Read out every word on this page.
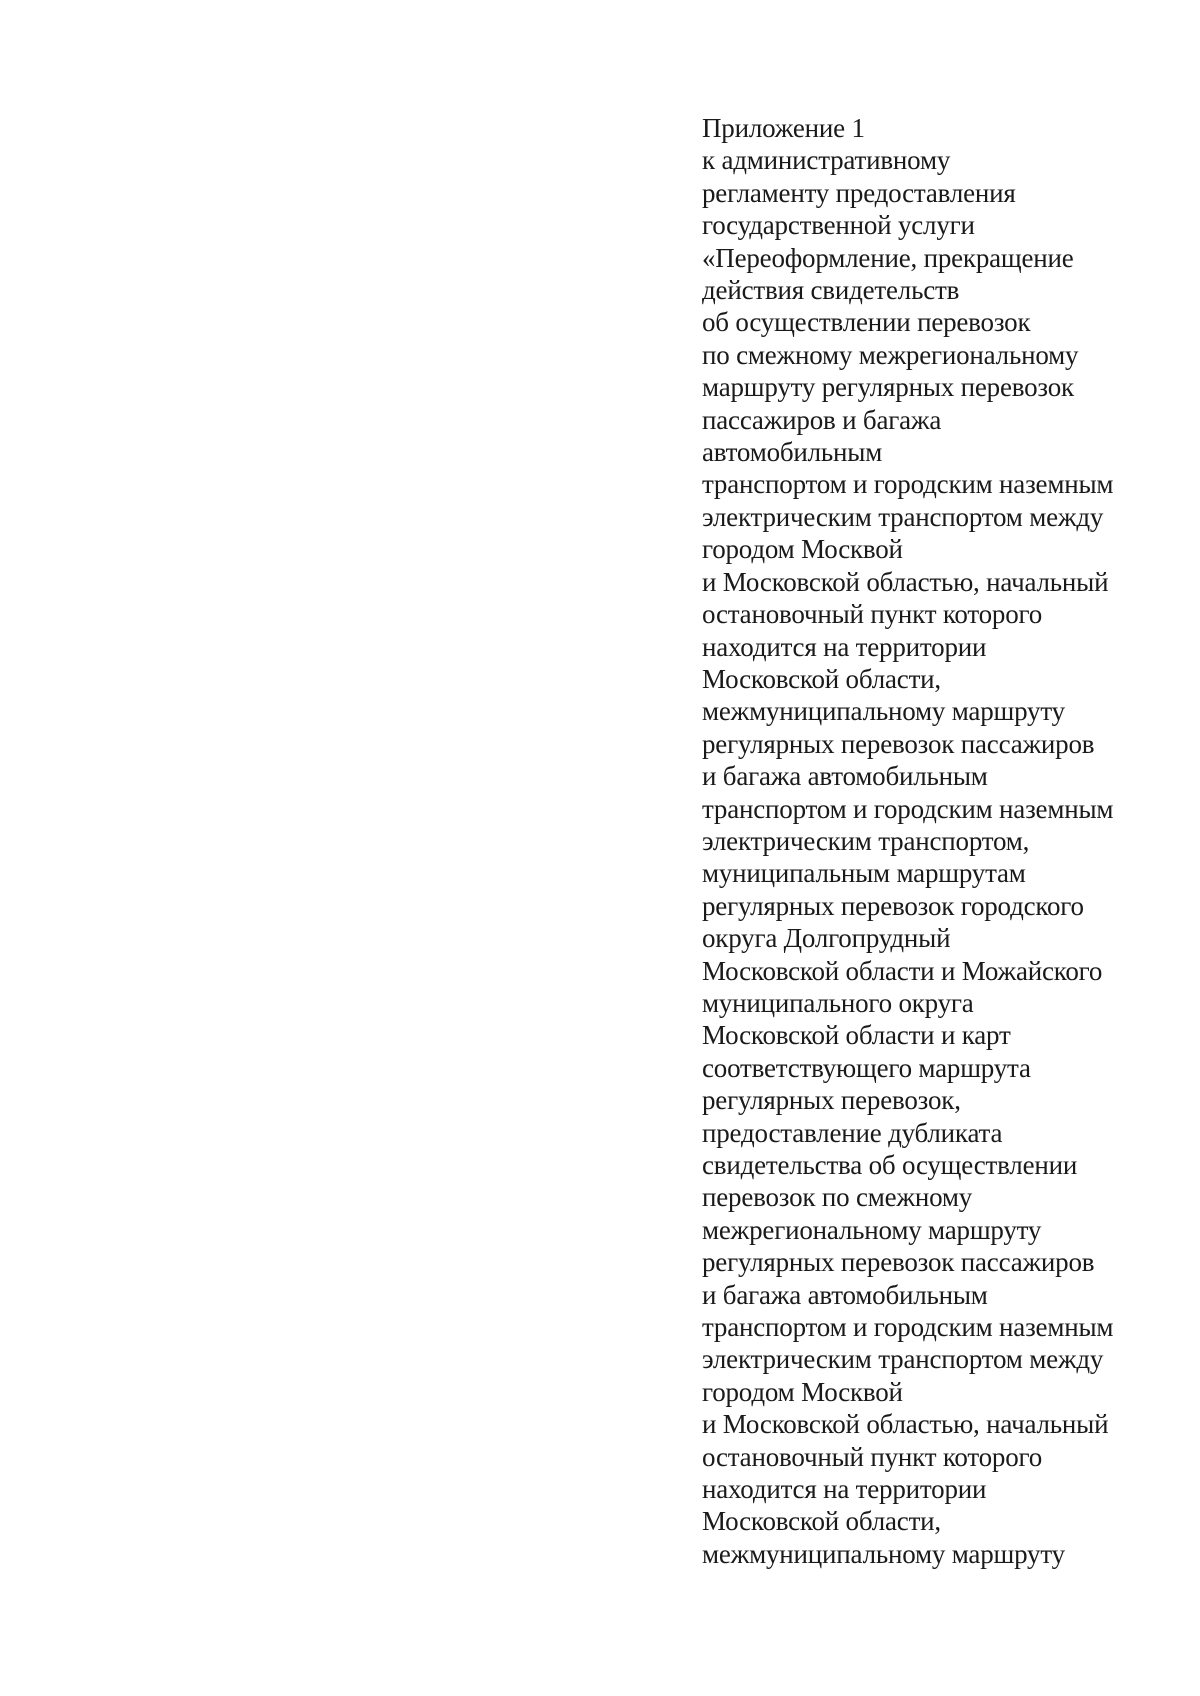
Приложение 1
к административному
регламенту предоставления
государственной услуги
«Переоформление, прекращение
действия свидетельств
об осуществлении перевозок
по смежному межрегиональному
маршруту регулярных перевозок
пассажиров и багажа
автомобильным
транспортом и городским наземным
электрическим транспортом между
городом Москвой
и Московской областью, начальный
остановочный пункт которого
находится на территории
Московской области,
межмуниципальному маршруту
регулярных перевозок пассажиров
и багажа автомобильным
транспортом и городским наземным
электрическим транспортом,
муниципальным маршрутам
регулярных перевозок городского
округа Долгопрудный
Московской области и Можайского
муниципального округа
Московской области и карт
соответствующего маршрута
регулярных перевозок,
предоставление дубликата
свидетельства об осуществлении
перевозок по смежному
межрегиональному маршруту
регулярных перевозок пассажиров
и багажа автомобильным
транспортом и городским наземным
электрическим транспортом между
городом Москвой
и Московской областью, начальный
остановочный пункт которого
находится на территории
Московской области,
межмуниципальному маршруту
